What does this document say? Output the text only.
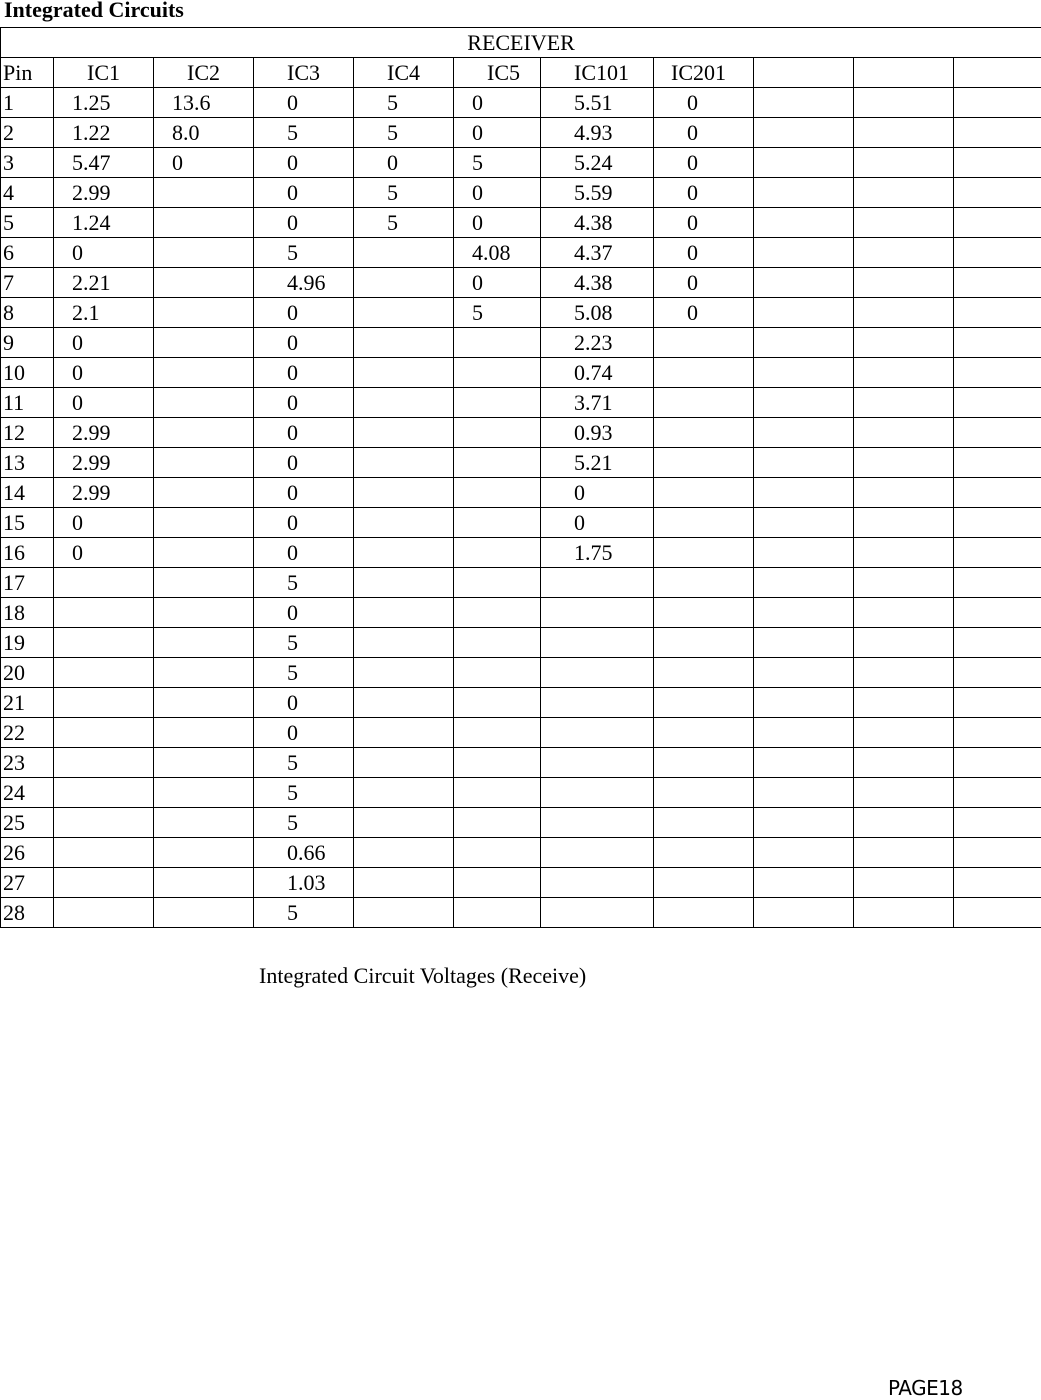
Integrated Circuits
RECEIVER										
Pin	IC1	IC2	IC3	IC4	IC5	IC101	IC201			
1	1.25	13.6	0	5	0	5.51	0			
2	1.22	8.0	5	5	0	4.93	0			
3	5.47	0	0	0	5	5.24	0			
4	2.99		0	5	0	5.59	0			
5	1.24		0	5	0	4.38	0			
6	0		5		4.08	4.37	0			
7	2.21		4.96		0	4.38	0			
8	2.1		0		5	5.08	0			
9	0		0			2.23				
10	0		0			0.74				
11	0		0			3.71				
12	2.99		0			0.93				
13	2.99		0			5.21				
14	2.99		0			0				
15	0		0			0				
16	0		0			1.75				
17			5							
18			0							
19			5							
20			5							
21			0							
22			0							
23			5							
24			5							
25			5							
26			0.66							
27			1.03							
28			5							
Integrated Circuit Voltages (Receive)
PAGE18
